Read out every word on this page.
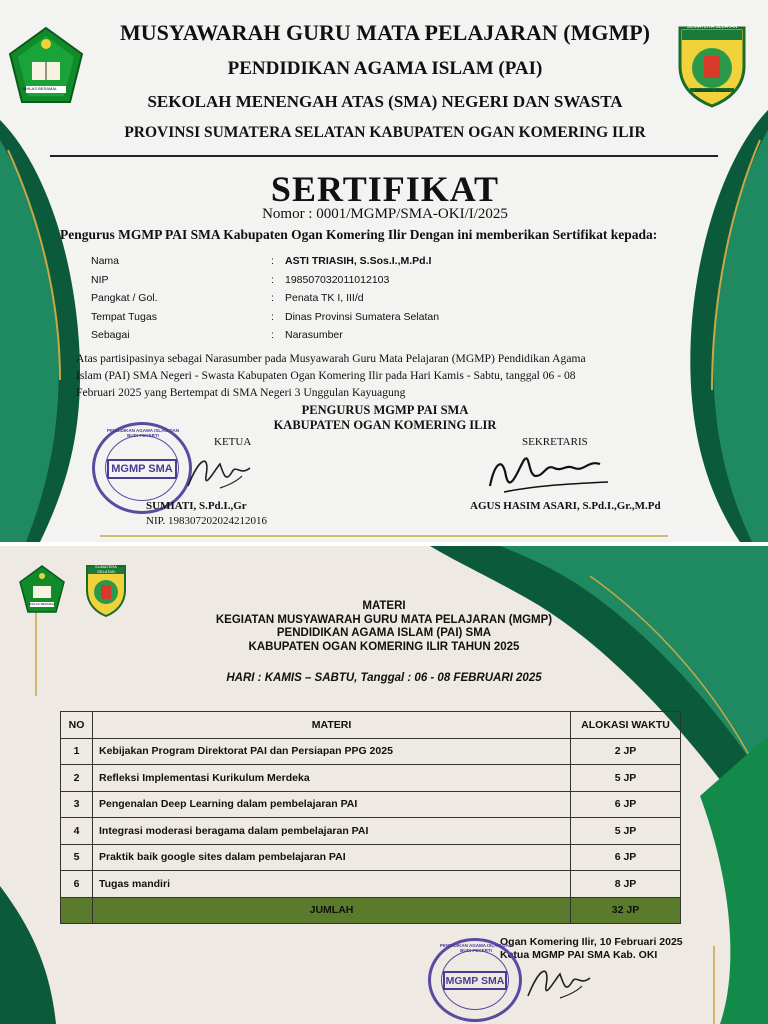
IKHLAS BERAMAL
SUMATERA SELATAN
BERSATU TEGUH
MUSYAWARAH GURU MATA PELAJARAN (MGMP)
PENDIDIKAN AGAMA ISLAM (PAI)
SEKOLAH MENENGAH ATAS (SMA) NEGERI DAN SWASTA
PROVINSI SUMATERA SELATAN KABUPATEN OGAN KOMERING ILIR
SERTIFIKAT
Nomor : 0001/MGMP/SMA-OKI/I/2025
Pengurus MGMP PAI SMA Kabupaten Ogan Komering Ilir Dengan ini memberikan Sertifikat kepada:
Nama	:	ASTI TRIASIH, S.Sos.I.,M.Pd.I
NIP	:	198507032011012103
Pangkat / Gol.	:	Penata TK I, III/d
Tempat Tugas	:	Dinas Provinsi Sumatera Selatan
Sebagai	:	Narasumber
Atas partisipasinya sebagai Narasumber pada Musyawarah Guru Mata Pelajaran (MGMP) Pendidikan Agama
Islam (PAI) SMA Negeri - Swasta Kabupaten Ogan Komering Ilir pada Hari Kamis - Sabtu, tanggal 06 - 08
Februari 2025 yang Bertempat di SMA Negeri 3 Unggulan Kayuagung
PENGURUS MGMP PAI SMA
KABUPATEN OGAN KOMERING ILIR
KETUA	SEKRETARIS
PENDIDIKAN AGAMA ISLAM DAN BUDI PEKERTI
MGMP SMA
SUMIATI, S.Pd.I.,Gr
NIP. 198307202024212016
AGUS HASIM ASARI, S.Pd.I.,Gr.,M.Pd
IKHLAS BERAMAL
SUMATERA SELATAN
MATERI
KEGIATAN MUSYAWARAH GURU MATA PELAJARAN (MGMP)
PENDIDIKAN AGAMA ISLAM (PAI) SMA
KABUPATEN OGAN KOMERING ILIR TAHUN 2025
HARI : KAMIS – SABTU, Tanggal : 06 - 08 FEBRUARI 2025
NO	MATERI	ALOKASI WAKTU
1	Kebijakan Program Direktorat PAI dan Persiapan PPG 2025	2 JP
2	Refleksi Implementasi Kurikulum Merdeka	5 JP
3	Pengenalan Deep Learning dalam pembelajaran PAI	6 JP
4	Integrasi moderasi beragama dalam pembelajaran PAI	5 JP
5	Praktik baik google sites dalam pembelajaran PAI	6 JP
6	Tugas mandiri	8 JP
	JUMLAH	32 JP
Ogan Komering Ilir, 10 Februari 2025
Ketua MGMP PAI SMA Kab. OKI
PENDIDIKAN AGAMA ISLAM DAN BUDI PEKERTI
MGMP SMA
